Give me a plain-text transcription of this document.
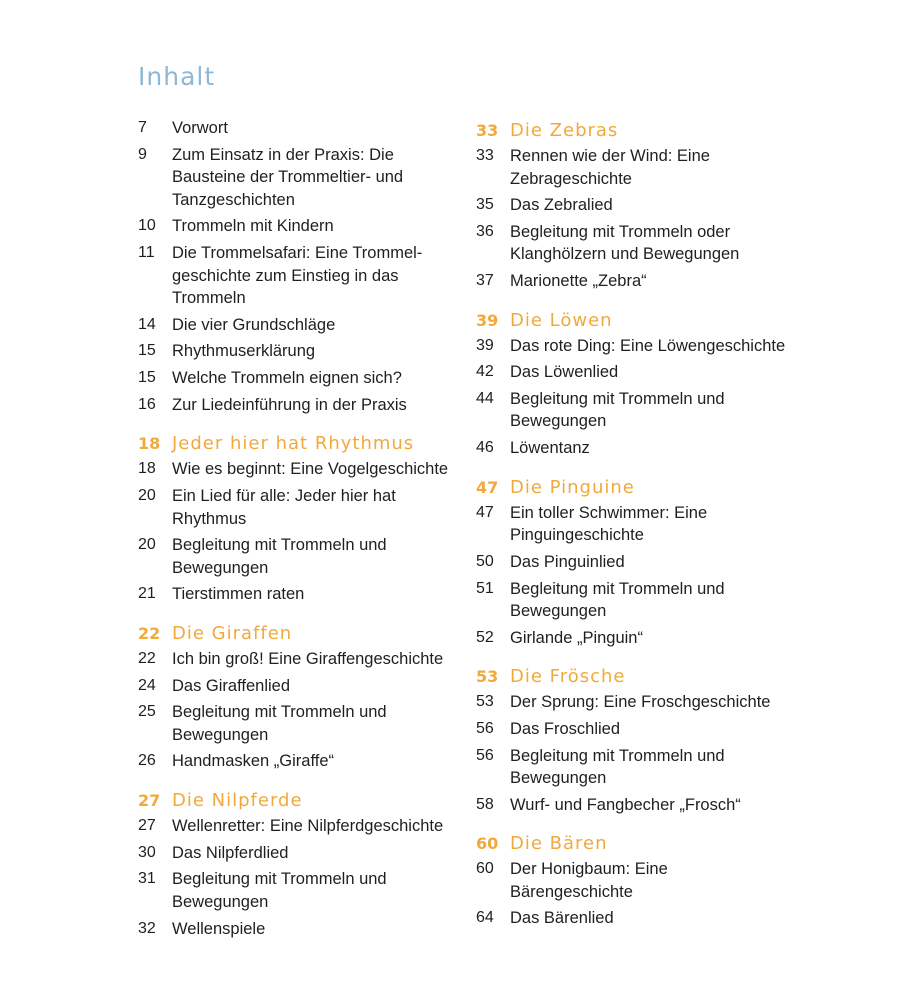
Inhalt
7	Vorwort
9	Zum Einsatz in der Praxis: Die
Bausteine der Trommeltier- und
Tanzgeschichten
10 Trommeln mit Kindern
11	Die Trommelsafari: Eine Trommel-
geschichte zum Einstieg in das
Trommeln
14 Die vier Grundschläge
15 Rhythmuserklärung
15 Welche Trommeln eignen sich?
16 Zur Liedeinführung in der Praxis
18 Jeder hier hat Rhythmus
18 Wie es beginnt: Eine Vogelgeschichte
20 Ein Lied für alle: Jeder hier hat
Rhythmus
20 Begleitung mit Trommeln und
Bewegungen
21 Tierstimmen raten
22 Die Giraffen
22 Ich bin groß! Eine Giraffengeschichte
24 Das Giraffenlied
25 Begleitung mit Trommeln und
Bewegungen
26 Handmasken „Giraffe“
27 Die Nilpferde
27 Wellenretter: Eine Nilpferdgeschichte
30 Das Nilpferdlied
31 Begleitung mit Trommeln und
Bewegungen
32 Wellenspiele
33 Die Zebras
33 Rennen wie der Wind: Eine
Zebrageschichte
35 Das Zebralied
36 Begleitung mit Trommeln oder
Klanghölzern und Bewegungen
37 Marionette „Zebra“
39 Die Löwen
39 Das rote Ding: Eine Löwengeschichte
42 Das Löwenlied
44 Begleitung mit Trommeln und
Bewegungen
46 Löwentanz
47 Die Pinguine
47 Ein toller Schwimmer: Eine
Pinguingeschichte
50 Das Pinguinlied
51 Begleitung mit Trommeln und
Bewegungen
52 Girlande „Pinguin“
53 Die Frösche
53 Der Sprung: Eine Froschgeschichte
56 Das Froschlied
56 Begleitung mit Trommeln und
Bewegungen
58 Wurf- und Fangbecher „Frosch“
60 Die Bären
60 Der Honigbaum: Eine
Bärengeschichte
64 Das Bärenlied
